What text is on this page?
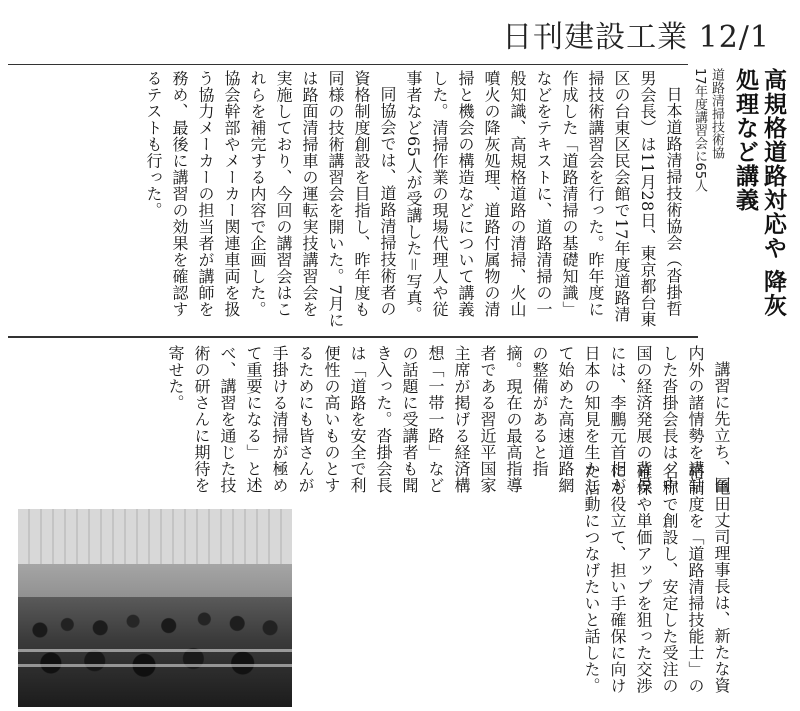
日刊建設工業 12/1
高規格道路対応や 降灰処理など講義
道路清掃技術協
17年度講習会に65人

日本道路清掃技術協会（沓掛哲男会長）は11月28日、東京都台東区の台東区民会館で17年度道路清掃技術講習会を行った。昨年度に作成した「道路清掃の基礎知識」などをテキストに、道路清掃の一般知識、高規格道路の清掃、火山噴火の降灰処理、道路付属物の清掃と機会の構造などについて講義した。清掃作業の現場代理人や従事者など65人が受講した＝写真。

同協会では、道路清掃技術者の資格制度創設を目指し、昨年度も同様の技術講習会を開いた。7月には路面清掃車の運転実技講習会を実施しており、今回の講習会はこれらを補完する内容で企画した。協会幹部やメーカー関連車両を扱う協力メーカーの担当者が講師を務め、最後に講習の効果を確認するテストも行った。

講習に先立ち、国内外の諸情勢を講話した沓掛会長は、中国の経済発展の背景には、李鵬元首相が日本の知見を生かして始めた高速道路網の整備があると指摘。現在の最高指導者である習近平国家主席が掲げる経済構想「一帯一路」などの話題に受講者も聞き入った。沓掛会長は「道路を安全で利便性の高いものとするためにも皆さんが手掛ける清掃が極めて重要になる」と述べ、講習を通じた技術の研さんに期待を寄せた。

亀田丈司理事長は、新たな資格制度を「道路清掃技能士」の名称で創設し、安定した受注の確保や単価アップを狙った交渉にも役立て、担い手確保に向けた活動につなげたいと話した。
